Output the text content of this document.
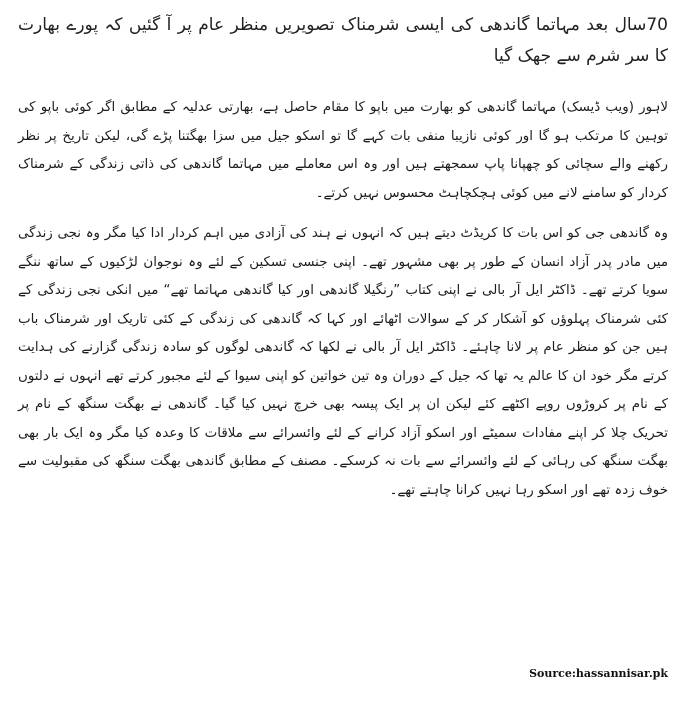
70سال بعد مہاتما گاندھی کی ایسی شرمناک تصویریں منظر عام پر آ گئیں کہ پورے بھارت کا سر شرم سے جھک گیا

لاہور (ویب ڈیسک) مہاتما گاندھی کو بھارت میں باپو کا مقام حاصل ہے، بھارتی عدلیہ کے مطابق اگر کوئی باپو کی توہین کا مرتکب ہو گا اور کوئی نازیبا منفی بات کہے گا تو اسکو جیل میں سزا بھگتنا پڑے گی، لیکن تاریخ پر نظر رکھنے والے سچائی کو چھپانا پاپ سمجھتے ہیں اور وہ اس معاملے میں مہاتما گاندھی کی ذاتی زندگی کے شرمناک کردار کو سامنے لانے میں کوئی ہچکچاہٹ محسوس نہیں کرتے۔

وہ گاندھی جی کو اس بات کا کریڈٹ دیتے ہیں کہ انہوں نے ہند کی آزادی میں اہم کردار ادا کیا مگر وہ نجی زندگی میں مادر پدر آزاد انسان کے طور پر بھی مشہور تھے۔ اپنی جنسی تسکین کے لئے وہ نوجوان لڑکیوں کے ساتھ ننگے سویا کرتے تھے۔ ڈاکٹر ایل آر بالی نے اپنی کتاب ”رنگیلا گاندھی اور کیا گاندھی مہاتما تھے“ میں انکی نجی زندگی کے کئی شرمناک پہلوؤں کو آشکار کر کے سوالات اٹھائے اور کہا کہ گاندھی کی زندگی کے کئی تاریک اور شرمناک باب ہیں جن کو منظر عام پر لانا چاہئے۔ ڈاکٹر ایل آر بالی نے لکھا کہ گاندھی لوگوں کو سادہ زندگی گزارنے کی ہدایت کرتے مگر خود ان کا عالم یہ تھا کہ جیل کے دوران وہ تین خواتین کو اپنی سیوا کے لئے مجبور کرتے تھے انہوں نے دلتوں کے نام پر کروڑوں روپے اکٹھے کئے لیکن ان پر ایک پیسہ بھی خرچ نہیں کیا گیا۔ گاندھی نے بھگت سنگھ کے نام پر تحریک چلا کر اپنے مفادات سمیٹے اور اسکو آزاد کرانے کے لئے وائسرائے سے ملاقات کا وعدہ کیا مگر وہ ایک بار بھی بھگت سنگھ کی رہائی کے لئے وائسرائے سے بات نہ کرسکے۔ مصنف کے مطابق گاندھی بھگت سنگھ کی مقبولیت سے خوف زدہ تھے اور اسکو رہا نہیں کرانا چاہتے تھے۔

Source:hassannisar.pk
